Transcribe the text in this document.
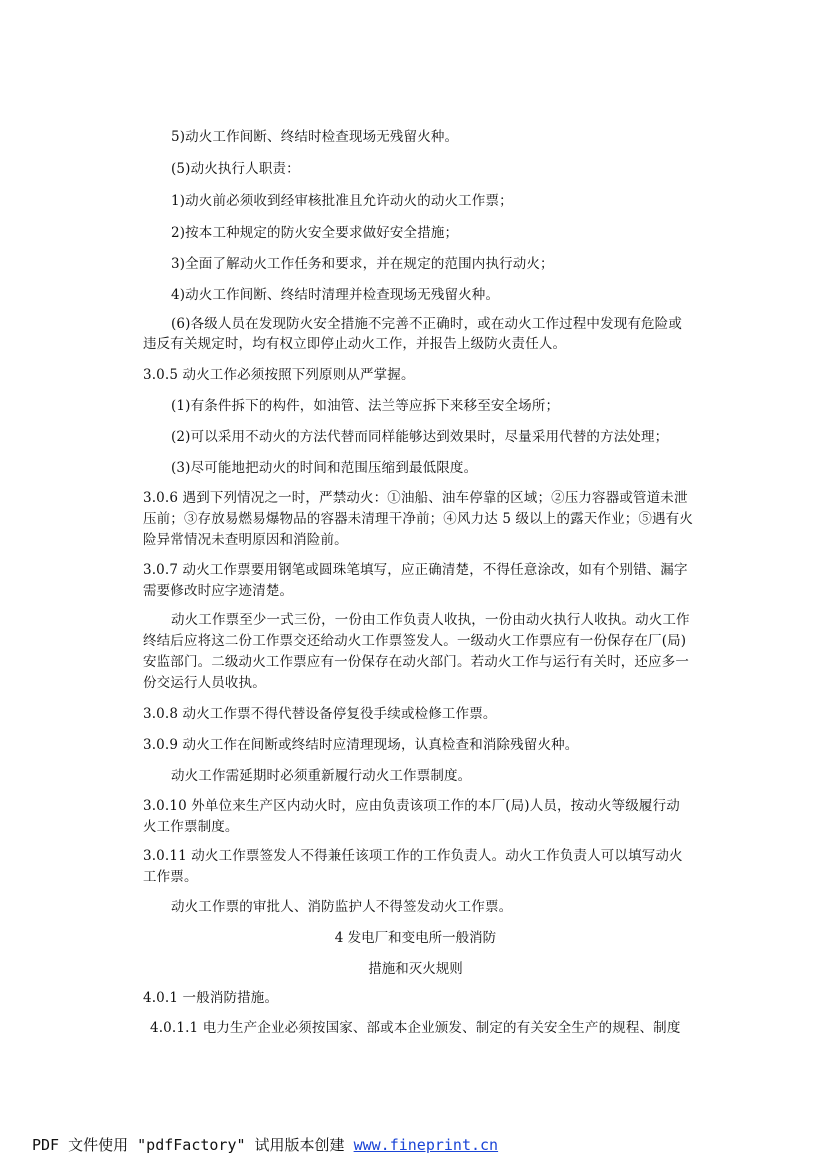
5)动火工作间断、终结时检查现场无残留火种。
(5)动火执行人职责：
1)动火前必须收到经审核批准且允许动火的动火工作票；
2)按本工种规定的防火安全要求做好安全措施；
3)全面了解动火工作任务和要求，并在规定的范围内执行动火；
4)动火工作间断、终结时清理并检查现场无残留火种。
(6)各级人员在发现防火安全措施不完善不正确时，或在动火工作过程中发现有危险或
违反有关规定时，均有权立即停止动火工作，并报告上级防火责任人。
3.0.5 动火工作必须按照下列原则从严掌握。
(1)有条件拆下的构件，如油管、法兰等应拆下来移至安全场所；
(2)可以采用不动火的方法代替而同样能够达到效果时，尽量采用代替的方法处理；
(3)尽可能地把动火的时间和范围压缩到最低限度。
3.0.6 遇到下列情况之一时，严禁动火：①油船、油车停靠的区域；②压力容器或管道未泄
压前；③存放易燃易爆物品的容器未清理干净前；④风力达 5 级以上的露天作业；⑤遇有火
险异常情况未查明原因和消险前。
3.0.7 动火工作票要用钢笔或圆珠笔填写，应正确清楚，不得任意涂改，如有个别错、漏字
需要修改时应字迹清楚。
动火工作票至少一式三份，一份由工作负责人收执，一份由动火执行人收执。动火工作
终结后应将这二份工作票交还给动火工作票签发人。一级动火工作票应有一份保存在厂(局)
安监部门。二级动火工作票应有一份保存在动火部门。若动火工作与运行有关时，还应多一
份交运行人员收执。
3.0.8 动火工作票不得代替设备停复役手续或检修工作票。
3.0.9 动火工作在间断或终结时应清理现场，认真检查和消除残留火种。
动火工作需延期时必须重新履行动火工作票制度。
3.0.10 外单位来生产区内动火时，应由负责该项工作的本厂(局)人员，按动火等级履行动
火工作票制度。
3.0.11 动火工作票签发人不得兼任该项工作的工作负责人。动火工作负责人可以填写动火
工作票。
动火工作票的审批人、消防监护人不得签发动火工作票。
4 发电厂和变电所一般消防
措施和灭火规则
4.0.1 一般消防措施。
4.0.1.1 电力生产企业必须按国家、部或本企业颁发、制定的有关安全生产的规程、制度
PDF 文件使用 "pdfFactory" 试用版本创建 www.fineprint.cn
